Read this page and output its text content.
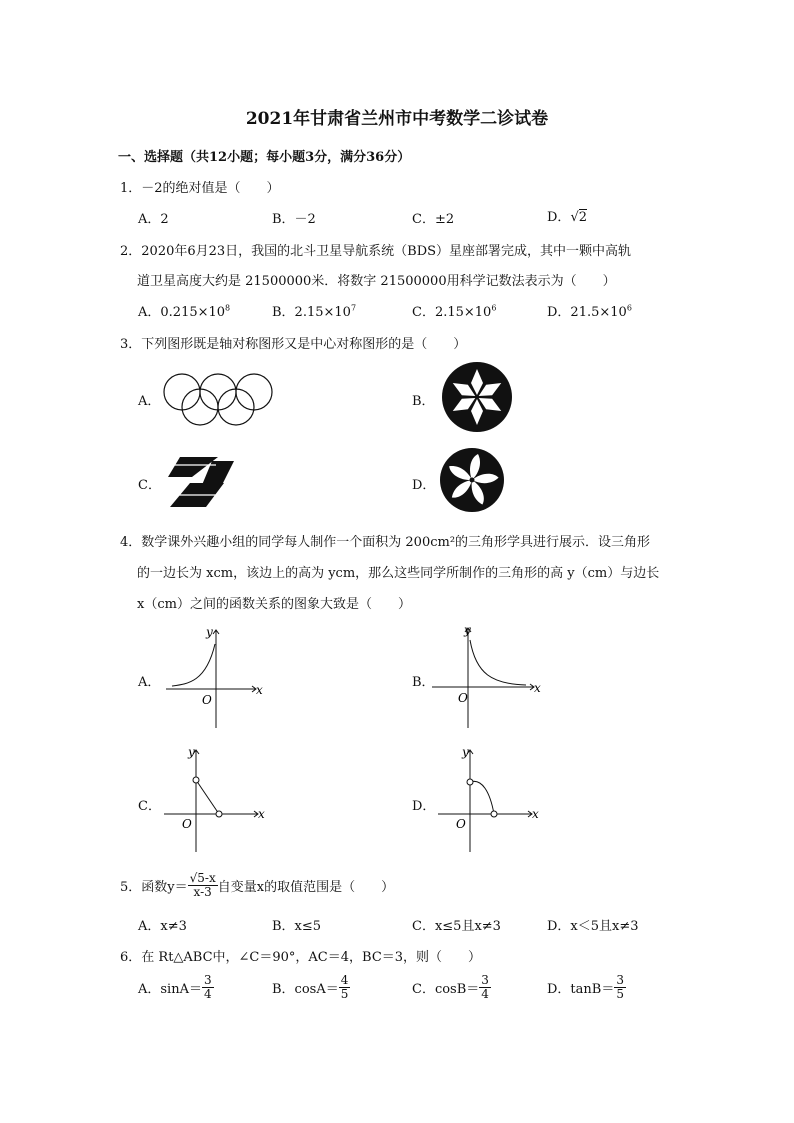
2021年甘肃省兰州市中考数学二诊试卷
一、选择题（共12小题；每小题3分，满分36分）
1．－2的绝对值是（　　）
A．2	B．－2	C．±2	D．√2
2．2020年6月23日，我国的北斗卫星导航系统（BDS）星座部署完成，其中一颗中高轨
道卫星高度大约是 21500000米．将数字 21500000用科学记数法表示为（　　）
A．$0.215\times 10^8$	B．$2.15\times 10^7$	C．$2.15\times 10^6$	D．$21.5\times 10^6$
3．下列图形既是轴对称图形又是中心对称图形的是（　　）
A．	B．
C．	D．
4．数学课外兴趣小组的同学每人制作一个面积为 200cm²的三角形学具进行展示．设三角形
的一边长为 xcm，该边上的高为 ycm，那么这些同学所制作的三角形的高 y（cm）与边长
x（cm）之间的函数关系的图象大致是（　　）
A．	B．
C．	D．
x
y
O
x
y
O
x
y
O
x
y
O
5．函数$y= \frac{√5-x}{x-3}$ 自变量x的取值范围是（　　）
A．x≠3	B．x≤5	C．x≤5且x≠3	D．x＜5且x≠3
6．在 Rt△ABC中，∠C＝90°，AC＝4，BC＝3，则（　　）
A．$\sin A= \frac{3}{4}$	B．$\cos A= \frac{4}{5}$	C．$\cos B= \frac{3}{4}$	D．$\tan B= \frac{3}{5}$
